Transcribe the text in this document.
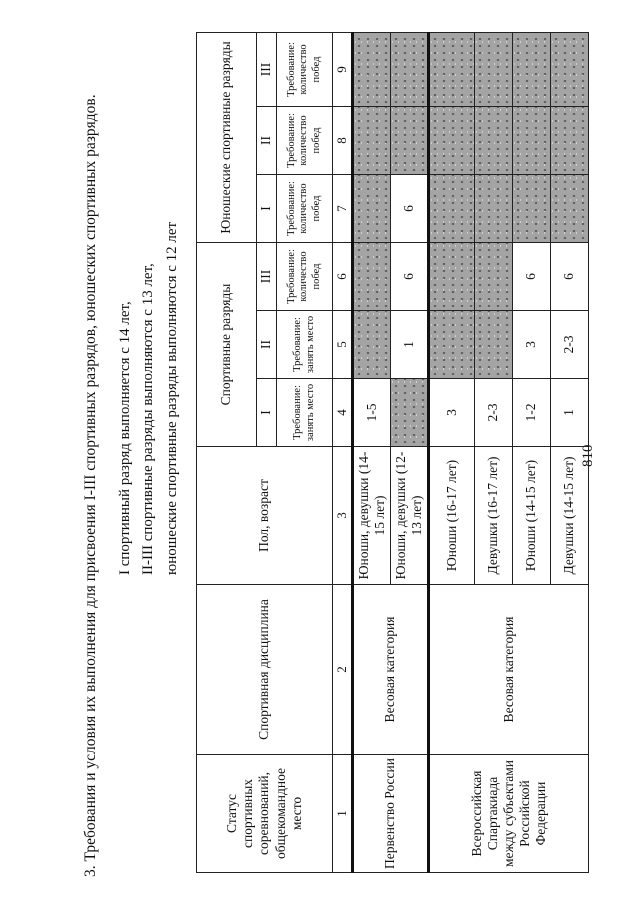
810
3. Требования и условия их выполнения для присвоения I-III спортивных разрядов, юношеских спортивных разрядов. I спортивный разряд выполняется с 14 лет, II-III спортивные разряды выполняются с 13 лет, юношеские спортивные разряды выполняются с 12 лет
Статус спортивных соревнований, общекомандное место	Спортивная дисциплина	Пол, возраст	Спортивные разряды			Юношеские спортивные разряды		
			I	II	III	I	II	III
			Требование: занять место	Требование: занять место	Требование: количество побед	Требование: количество побед	Требование: количество побед	Требование: количество побед
1	2	3	4	5	6	7	8	9
Первенство России	Весовая категория	Юноши, девушки (14-15 лет)	1-5					
		Юноши, девушки (12-13 лет)		1	6	6		
Всероссийская Спартакиада между субъектами Российской Федерации	Весовая категория	Юноши (16-17 лет)	3					
		Девушки (16-17 лет)	2-3					
		Юноши (14-15 лет)	1-2	3	6			
		Девушки (14-15 лет)	1	2-3	6			
